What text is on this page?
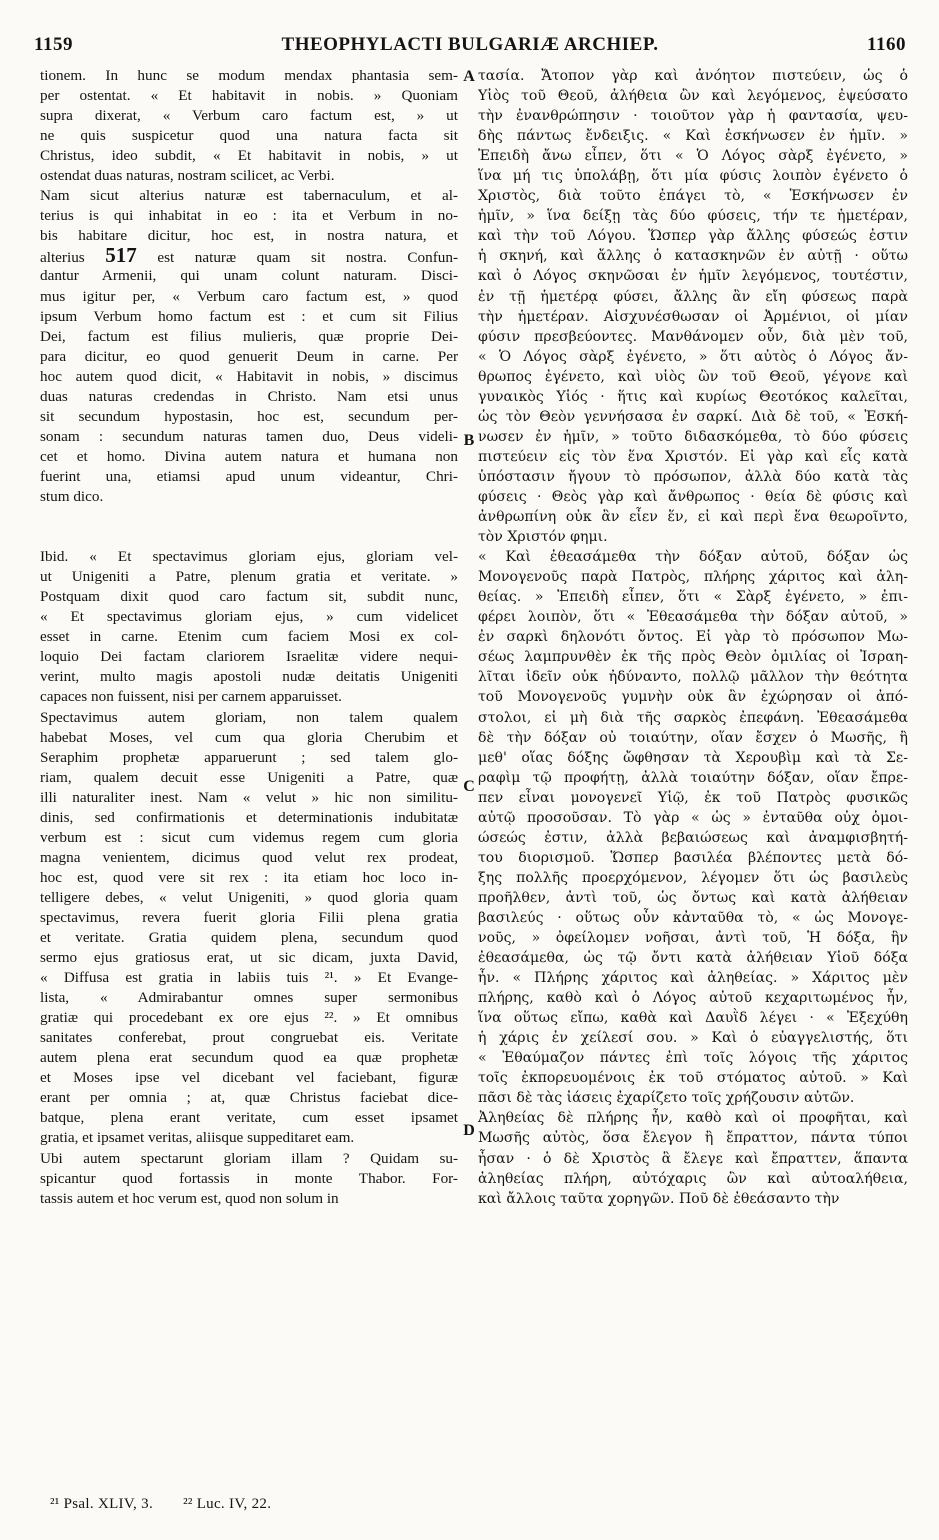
1159	THEOPHYLACTI BULGARIÆ ARCHIEP.	1160
tionem. In hunc se modum mendax phantasia sem-
per ostentat. « Et habitavit in nobis. » Quoniam
supra dixerat, « Verbum caro factum est, » ut
ne quis suspicetur quod una natura facta sit
Christus, ideo subdit, « Et habitavit in nobis, » ut
ostendat duas naturas, nostram scilicet, ac Verbi.
Nam sicut alterius naturæ est tabernaculum, et al-
terius is qui inhabitat in eo : ita et Verbum in no-
bis habitare dicitur, hoc est, in nostra natura, et
alterius 517 est naturæ quam sit nostra. Confun-
dantur Armenii, qui unam colunt naturam. Disci-
mus igitur per, « Verbum caro factum est, » quod
ipsum Verbum homo factum est : et cum sit Filius
Dei, factum est filius mulieris, quæ proprie Dei-
para dicitur, eo quod genuerit Deum in carne. Per
hoc autem quod dicit, « Habitavit in nobis, » discimus
duas naturas credendas in Christo. Nam etsi unus
sit secundum hypostasin, hoc est, secundum per-
sonam : secundum naturas tamen duo, Deus videli-
cet et homo. Divina autem natura et humana non
fuerint una, etiamsi apud unum videantur, Chri-
stum dico.
Ibid. « Et spectavimus gloriam ejus, gloriam vel-
ut Unigeniti a Patre, plenum gratia et veritate. »
Postquam dixit quod caro factum sit, subdit nunc,
« Et spectavimus gloriam ejus, » cum videlicet
esset in carne. Etenim cum faciem Mosi ex col-
loquio Dei factam clariorem Israelitæ videre nequi-
verint, multo magis apostoli nudæ deitatis Unigeniti
capaces non fuissent, nisi per carnem apparuisset.
Spectavimus autem gloriam, non talem qualem
habebat Moses, vel cum qua gloria Cherubim et
Seraphim prophetæ apparuerunt ; sed talem glo-
riam, qualem decuit esse Unigeniti a Patre, quæ
illi naturaliter inest. Nam « velut » hic non similitu-
dinis, sed confirmationis et determinationis indubitatæ
verbum est : sicut cum videmus regem cum gloria
magna venientem, dicimus quod velut rex prodeat,
hoc est, quod vere sit rex : ita etiam hoc loco in-
telligere debes, « velut Unigeniti, » quod gloria quam
spectavimus, revera fuerit gloria Filii plena gratia
et veritate. Gratia quidem plena, secundum quod
sermo ejus gratiosus erat, ut sic dicam, juxta David,
« Diffusa est gratia in labiis tuis ²¹. » Et Evange-
lista, « Admirabantur omnes super sermonibus
gratiæ qui procedebant ex ore ejus ²². » Et omnibus
sanitates conferebat, prout congruebat eis. Veritate
autem plena erat secundum quod ea quæ prophetæ
et Moses ipse vel dicebant vel faciebant, figuræ
erant per omnia ; at, quæ Christus faciebat dice-
batque, plena erant veritate, cum esset ipsamet
gratia, et ipsamet veritas, aliisque suppeditaret eam.
Ubi autem spectarunt gloriam illam ? Quidam su-
spicantur quod fortassis in monte Thabor. For-
tassis autem et hoc verum est, quod non solum in
τασία. Ἄτοπον γὰρ καὶ ἀνόητον πιστεύειν, ὡς ὁ
Υἱὸς τοῦ Θεοῦ, ἀλήθεια ὢν καὶ λεγόμενος, ἐψεύσατο
τὴν ἐνανθρώπησιν · τοιοῦτον γὰρ ἡ φαντασία, ψευ-
δὴς πάντως ἔνδειξις. « Καὶ ἐσκήνωσεν ἐν ἡμῖν. »
Ἐπειδὴ ἄνω εἶπεν, ὅτι « Ὁ Λόγος σὰρξ ἐγένετο, »
ἵνα μή τις ὑπολάβῃ, ὅτι μία φύσις λοιπὸν ἐγένετο ὁ
Χριστὸς, διὰ τοῦτο ἐπάγει τὸ, « Ἐσκήνωσεν ἐν
ἡμῖν, » ἵνα δείξῃ τὰς δύο φύσεις, τήν τε ἡμετέραν,
καὶ τὴν τοῦ Λόγου. Ὥσπερ γὰρ ἄλλης φύσεώς ἐστιν
ἡ σκηνή, καὶ ἄλλης ὁ κατασκηνῶν ἐν αὐτῇ · οὕτω
καὶ ὁ Λόγος σκηνῶσαι ἐν ἡμῖν λεγόμενος, τουτέστιν,
ἐν τῇ ἡμετέρᾳ φύσει, ἄλλης ἂν εἴη φύσεως παρὰ
τὴν ἡμετέραν. Αἰσχυνέσθωσαν οἱ Ἀρμένιοι, οἱ μίαν
φύσιν πρεσβεύοντες. Μανθάνομεν οὖν, διὰ μὲν τοῦ,
« Ὁ Λόγος σὰρξ ἐγένετο, » ὅτι αὐτὸς ὁ Λόγος ἄν-
θρωπος ἐγένετο, καὶ υἱὸς ὢν τοῦ Θεοῦ, γέγονε καὶ
γυναικὸς Υἱός · ἥτις καὶ κυρίως Θεοτόκος καλεῖται,
ὡς τὸν Θεὸν γεννήσασα ἐν σαρκί. Διὰ δὲ τοῦ, « Ἐσκή-
νωσεν ἐν ἡμῖν, » τοῦτο διδασκόμεθα, τὸ δύο φύσεις
πιστεύειν εἰς τὸν ἕνα Χριστόν. Εἰ γὰρ καὶ εἷς κατὰ
ὑπόστασιν ἤγουν τὸ πρόσωπον, ἀλλὰ δύο κατὰ τὰς
φύσεις · Θεὸς γὰρ καὶ ἄνθρωπος · θεία δὲ φύσις καὶ
ἀνθρωπίνη οὐκ ἂν εἶεν ἕν, εἰ καὶ περὶ ἕνα θεωροῖντο,
τὸν Χριστόν φημι.
« Καὶ ἐθεασάμεθα τὴν δόξαν αὐτοῦ, δόξαν ὡς
Μονογενοῦς παρὰ Πατρὸς, πλήρης χάριτος καὶ ἀλη-
θείας. » Ἐπειδὴ εἶπεν, ὅτι « Σὰρξ ἐγένετο, » ἐπι-
φέρει λοιπὸν, ὅτι « Ἐθεασάμεθα τὴν δόξαν αὐτοῦ, »
ἐν σαρκὶ δηλονότι ὄντος. Εἰ γὰρ τὸ πρόσωπον Μω-
σέως λαμπρυνθὲν ἐκ τῆς πρὸς Θεὸν ὁμιλίας οἱ Ἰσραη-
λῖται ἰδεῖν οὐκ ἠδύναντο, πολλῷ μᾶλλον τὴν θεότητα
τοῦ Μονογενοῦς γυμνὴν οὐκ ἂν ἐχώρησαν οἱ ἀπό-
στολοι, εἰ μὴ διὰ τῆς σαρκὸς ἐπεφάνη. Ἐθεασάμεθα
δὲ τὴν δόξαν οὐ τοιαύτην, οἵαν ἔσχεν ὁ Μωσῆς, ἢ
μεθ' οἵας δόξης ὤφθησαν τὰ Χερουβὶμ καὶ τὰ Σε-
ραφὶμ τῷ προφήτῃ, ἀλλὰ τοιαύτην δόξαν, οἵαν ἔπρε-
πεν εἶναι μονογενεῖ Υἱῷ, ἐκ τοῦ Πατρὸς φυσικῶς
αὐτῷ προσοῦσαν. Τὸ γὰρ « ὡς » ἐνταῦθα οὐχ ὁμοι-
ώσεώς ἐστιν, ἀλλὰ βεβαιώσεως καὶ ἀναμφισβητή-
του διορισμοῦ. Ὥσπερ βασιλέα βλέποντες μετὰ δό-
ξης πολλῆς προερχόμενον, λέγομεν ὅτι ὡς βασιλεὺς
προῆλθεν, ἀντὶ τοῦ, ὡς ὄντως καὶ κατὰ ἀλήθειαν
βασιλεύς · οὕτως οὖν κἀνταῦθα τὸ, « ὡς Μονογε-
νοῦς, » ὀφείλομεν νοῆσαι, ἀντὶ τοῦ, Ἡ δόξα, ἣν
ἐθεασάμεθα, ὡς τῷ ὄντι κατὰ ἀλήθειαν Υἱοῦ δόξα
ἦν. « Πλήρης χάριτος καὶ ἀληθείας. » Χάριτος μὲν
πλήρης, καθὸ καὶ ὁ Λόγος αὐτοῦ κεχαριτωμένος ἦν,
ἵνα οὕτως εἴπω, καθὰ καὶ Δαυῒδ λέγει · « Ἐξεχύθη
ἡ χάρις ἐν χείλεσί σου. » Καὶ ὁ εὐαγγελιστής, ὅτι
« Ἐθαύμαζον πάντες ἐπὶ τοῖς λόγοις τῆς χάριτος
τοῖς ἐκπορευομένοις ἐκ τοῦ στόματος αὐτοῦ. » Καὶ
πᾶσι δὲ τὰς ἰάσεις ἐχαρίζετο τοῖς χρήζουσιν αὐτῶν.
Ἀληθείας δὲ πλήρης ἦν, καθὸ καὶ οἱ προφῆται, καὶ
Μωσῆς αὐτὸς, ὅσα ἔλεγον ἢ ἔπραττον, πάντα τύποι
ἦσαν · ὁ δὲ Χριστὸς ἃ ἔλεγε καὶ ἔπραττεν, ἅπαντα
ἀληθείας πλήρη, αὐτόχαρις ὢν καὶ αὐτοαλήθεια,
καὶ ἄλλοις ταῦτα χορηγῶν. Ποῦ δὲ ἐθεάσαντο τὴν
A
B
C
D
²¹ Psal. XLIV, 3. ²² Luc. IV, 22.
